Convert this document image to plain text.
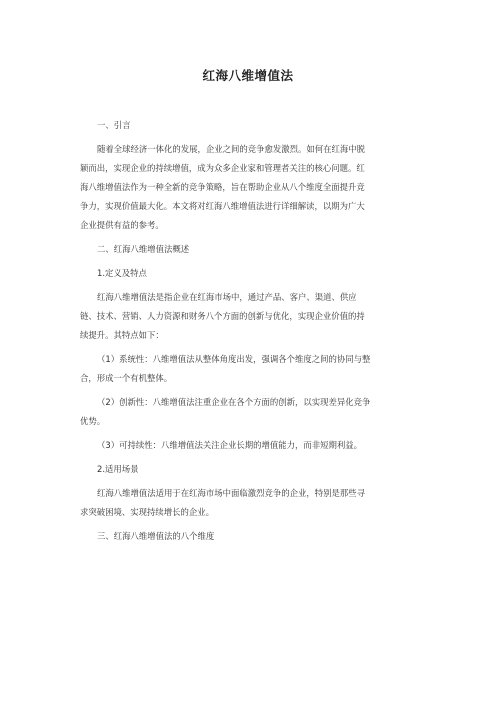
红海八维增值法

一、引言

随着全球经济一体化的发展，企业之间的竞争愈发激烈。如何在红海中脱
颖而出，实现企业的持续增值，成为众多企业家和管理者关注的核心问题。红
海八维增值法作为一种全新的竞争策略，旨在帮助企业从八个维度全面提升竞
争力，实现价值最大化。本文将对红海八维增值法进行详细解读，以期为广大
企业提供有益的参考。

二、红海八维增值法概述

1.定义及特点

红海八维增值法是指企业在红海市场中，通过产品、客户、渠道、供应
链、技术、营销、人力资源和财务八个方面的创新与优化，实现企业价值的持
续提升。其特点如下：

（1）系统性：八维增值法从整体角度出发，强调各个维度之间的协同与整
合，形成一个有机整体。

（2）创新性：八维增值法注重企业在各个方面的创新，以实现差异化竞争
优势。

（3）可持续性：八维增值法关注企业长期的增值能力，而非短期利益。

2.适用场景

红海八维增值法适用于在红海市场中面临激烈竞争的企业，特别是那些寻
求突破困境、实现持续增长的企业。

三、红海八维增值法的八个维度
